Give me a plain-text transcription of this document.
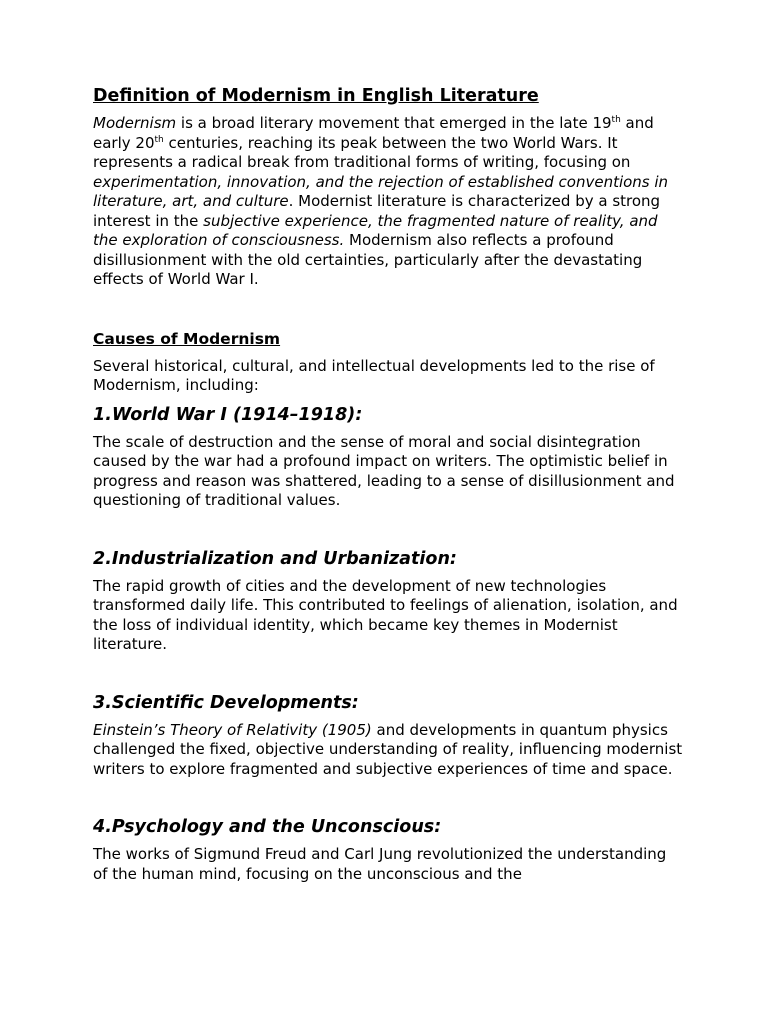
Definition of Modernism in English Literature

Modernism is a broad literary movement that emerged in the late 19th and early 20th centuries, reaching its peak between the two World Wars. It represents a radical break from traditional forms of writing, focusing on experimentation, innovation, and the rejection of established conventions in literature, art, and culture. Modernist literature is characterized by a strong interest in the subjective experience, the fragmented nature of reality, and the exploration of consciousness. Modernism also reflects a profound disillusionment with the old certainties, particularly after the devastating effects of World War I.

Causes of Modernism

Several historical, cultural, and intellectual developments led to the rise of Modernism, including:

1.World War I (1914–1918):

The scale of destruction and the sense of moral and social disintegration caused by the war had a profound impact on writers. The optimistic belief in progress and reason was shattered, leading to a sense of disillusionment and questioning of traditional values.

2.Industrialization and Urbanization:

The rapid growth of cities and the development of new technologies transformed daily life. This contributed to feelings of alienation, isolation, and the loss of individual identity, which became key themes in Modernist literature.

3.Scientific Developments:

Einstein’s Theory of Relativity (1905) and developments in quantum physics challenged the fixed, objective understanding of reality, influencing modernist writers to explore fragmented and subjective experiences of time and space.

4.Psychology and the Unconscious:

The works of Sigmund Freud and Carl Jung revolutionized the understanding of the human mind, focusing on the unconscious and the
